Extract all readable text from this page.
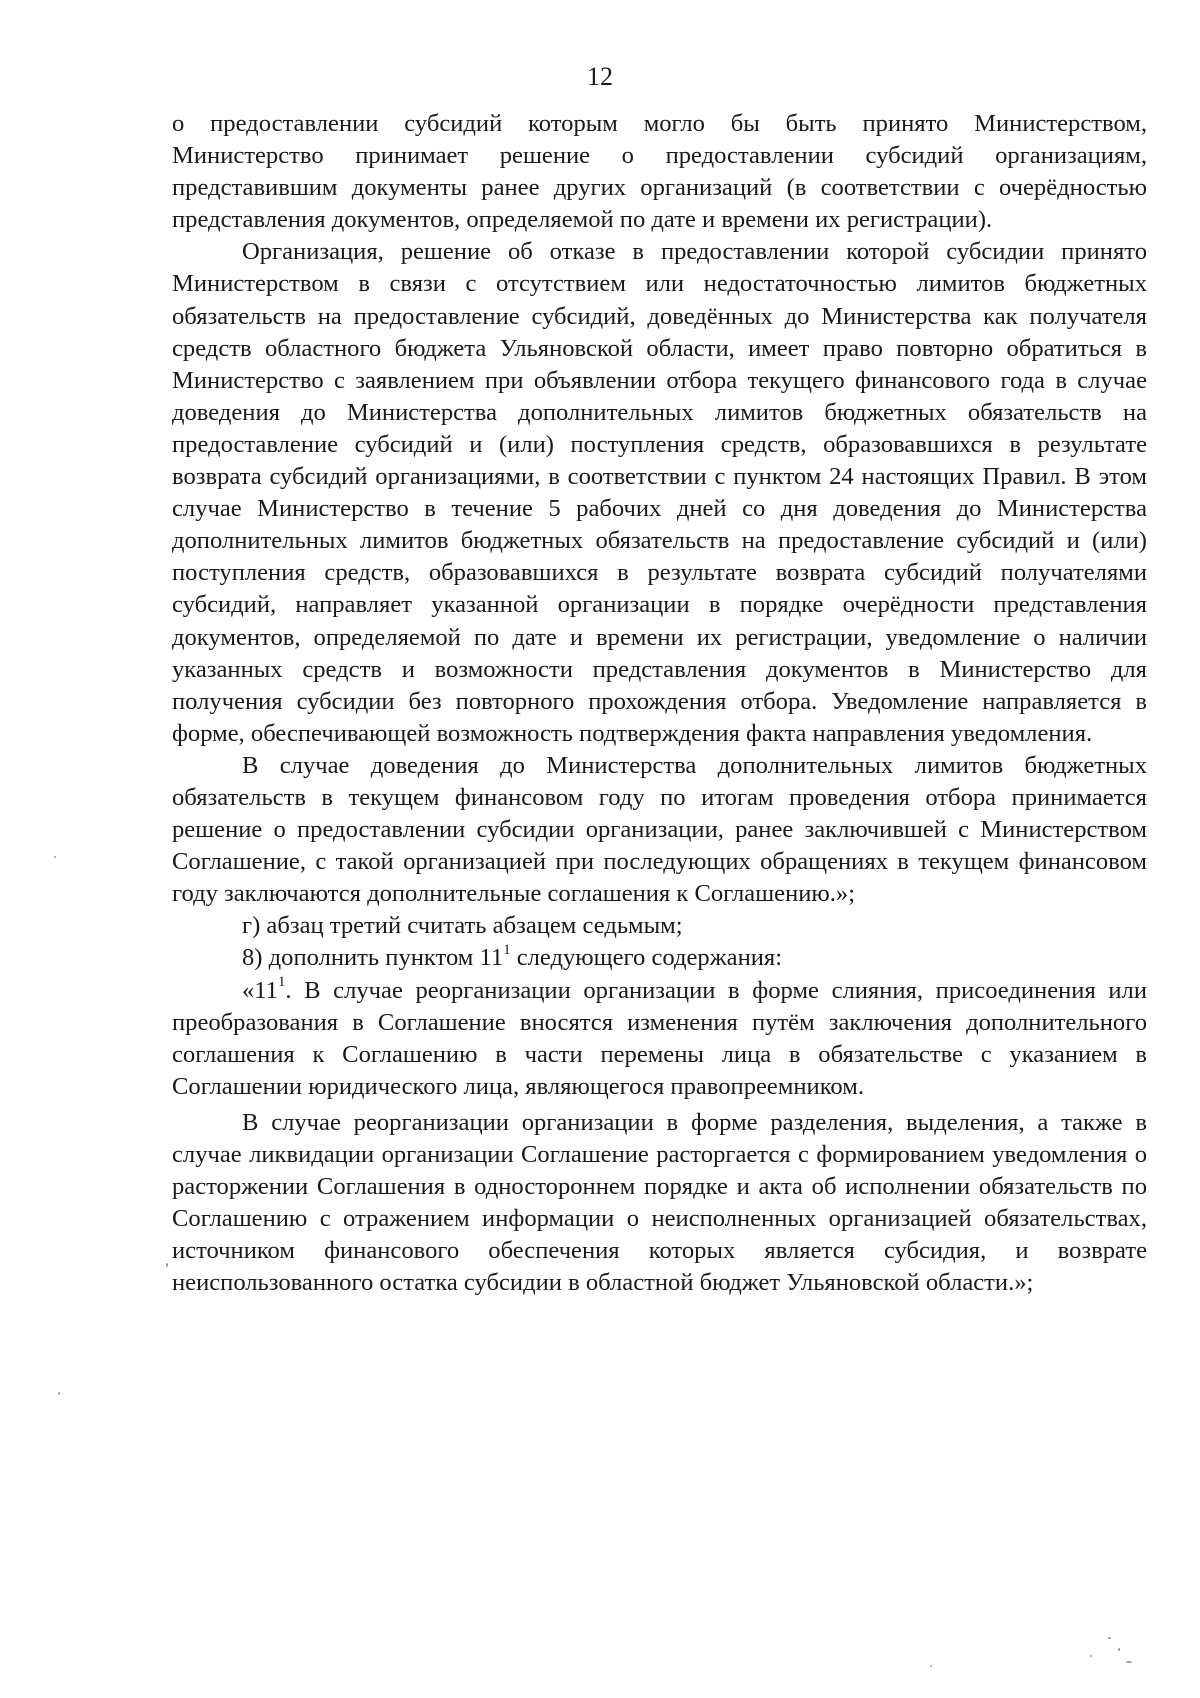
12

о предоставлении субсидий которым могло бы быть принято Министерством, Министерство принимает решение о предоставлении субсидий организациям, представившим документы ранее других организаций (в соответствии с очерёдностью представления документов, определяемой по дате и времени их регистрации).

Организация, решение об отказе в предоставлении которой субсидии принято Министерством в связи с отсутствием или недостаточностью лимитов бюджетных обязательств на предоставление субсидий, доведённых до Министерства как получателя средств областного бюджета Ульяновской области, имеет право повторно обратиться в Министерство с заявлением при объявлении отбора текущего финансового года в случае доведения до Министерства дополнительных лимитов бюджетных обязательств на предоставление субсидий и (или) поступления средств, образовавшихся в результате возврата субсидий организациями, в соответствии с пунктом 24 настоящих Правил. В этом случае Министерство в течение 5 рабочих дней со дня доведения до Министерства дополнительных лимитов бюджетных обязательств на предоставление субсидий и (или) поступления средств, образовавшихся в результате возврата субсидий получателями субсидий, направляет указанной организации в порядке очерёдности представления документов, определяемой по дате и времени их регистрации, уведомление о наличии указанных средств и возможности представления документов в Министерство для получения субсидии без повторного прохождения отбора. Уведомление направляется в форме, обеспечивающей возможность подтверждения факта направления уведомления.

В случае доведения до Министерства дополнительных лимитов бюджетных обязательств в текущем финансовом году по итогам проведения отбора принимается решение о предоставлении субсидии организации, ранее заключившей с Министерством Соглашение, с такой организацией при последующих обращениях в текущем финансовом году заключаются дополнительные соглашения к Соглашению.»;

г) абзац третий считать абзацем седьмым;

8) дополнить пунктом $11^1$ следующего содержания:

«$11^1$. В случае реорганизации организации в форме слияния, присоединения или преобразования в Соглашение вносятся изменения путём заключения дополнительного соглашения к Соглашению в части перемены лица в обязательстве с указанием в Соглашении юридического лица, являющегося правопреемником.

В случае реорганизации организации в форме разделения, выделения, а также в случае ликвидации организации Соглашение расторгается с формированием уведомления о расторжении Соглашения в одностороннем порядке и акта об исполнении обязательств по Соглашению с отражением информации о неисполненных организацией обязательствах, источником финансового обеспечения которых является субсидия, и возврате неиспользованного остатка субсидии в областной бюджет Ульяновской области.»;
